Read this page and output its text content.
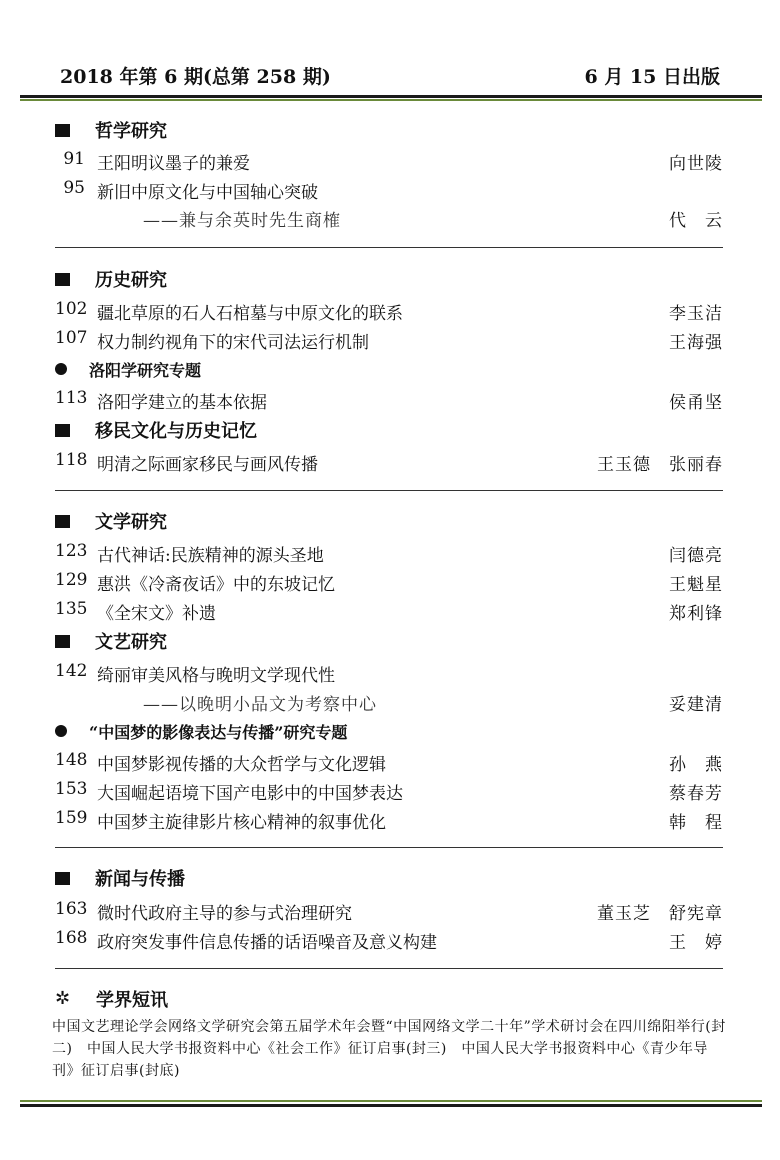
2018 年第 6 期(总第 258 期)	6 月 15 日出版
哲学研究
91 王阳明议墨子的兼爱	向世陵
95 新旧中原文化与中国轴心突破
——兼与余英时先生商榷	代　云
历史研究
102 疆北草原的石人石棺墓与中原文化的联系	李玉洁
107 权力制约视角下的宋代司法运行机制	王海强
洛阳学研究专题
113 洛阳学建立的基本依据	侯甬坚
移民文化与历史记忆
118 明清之际画家移民与画风传播	王玉德　张丽春
文学研究
123 古代神话:民族精神的源头圣地	闫德亮
129 惠洪《冷斋夜话》中的东坡记忆	王魁星
135 《全宋文》补遗	郑利锋
文艺研究
142 绮丽审美风格与晚明文学现代性
——以晚明小品文为考察中心	妥建清
“中国梦的影像表达与传播”研究专题
148 中国梦影视传播的大众哲学与文化逻辑	孙　燕
153 大国崛起语境下国产电影中的中国梦表达	蔡春芳
159 中国梦主旋律影片核心精神的叙事优化	韩　程
新闻与传播
163 微时代政府主导的参与式治理研究	董玉芝　舒宪章
168 政府突发事件信息传播的话语噪音及意义构建	王　婷
✲ 学界短讯
中国文艺理论学会网络文学研究会第五届学术年会暨“中国网络文学二十年”学术研讨会在四川绵阳举行(封二)　中国人民大学书报资料中心《社会工作》征订启事(封三)　中国人民大学书报资料中心《青少年导刊》征订启事(封底)
